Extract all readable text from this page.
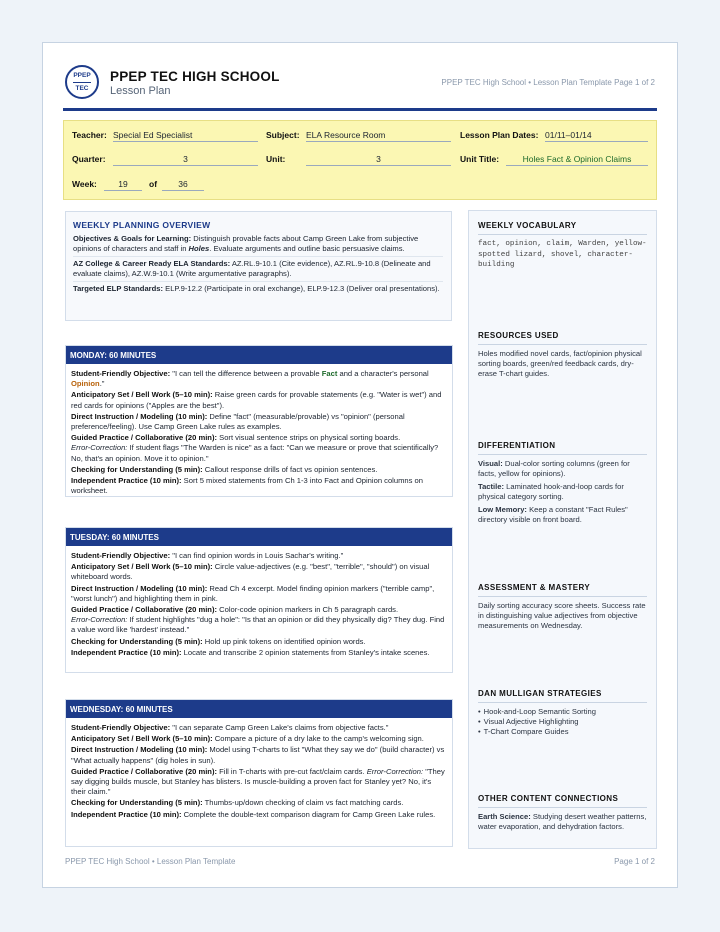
PPEP
TEC
PPEP TEC HIGH SCHOOL
Lesson Plan
PPEP TEC High School • Lesson Plan Template Page 1 of 2
Teacher: Special Ed Specialist	Subject: ELA Resource Room	Lesson Plan Dates: 01/11–01/14
Quarter:	3	Unit:	3	Unit Title:	Holes Fact & Opinion Claims
Week:	19	of	36
WEEKLY PLANNING OVERVIEW
Objectives & Goals for Learning: Distinguish provable facts about Camp Green Lake from subjective opinions of characters and staff in Holes. Evaluate arguments and outline basic persuasive claims.
AZ College & Career Ready ELA Standards: AZ.RL.9-10.1 (Cite evidence), AZ.RL.9-10.8 (Delineate and evaluate claims), AZ.W.9-10.1 (Write argumentative paragraphs).
Targeted ELP Standards: ELP.9-12.2 (Participate in oral exchange), ELP.9-12.3 (Deliver oral presentations).
MONDAY: 60 MINUTES

Student-Friendly Objective: "I can tell the difference between a provable Fact and a character's personal Opinion."

Anticipatory Set / Bell Work (5–10 min): Raise green cards for provable statements (e.g. "Water is wet") and red cards for opinions ("Apples are the best").

Direct Instruction / Modeling (10 min): Define "fact" (measurable/provable) vs "opinion" (personal preference/feeling). Use Camp Green Lake rules as examples.

Guided Practice / Collaborative (20 min): Sort visual sentence strips on physical sorting boards.
Error-Correction: If student flags "The Warden is nice" as a fact: "Can we measure or prove that scientifically? No, that's an opinion. Move it to opinion."

Checking for Understanding (5 min): Callout response drills of fact vs opinion sentences.

Independent Practice (10 min): Sort 5 mixed statements from Ch 1-3 into Fact and Opinion columns on worksheet.

TUESDAY: 60 MINUTES

Student-Friendly Objective: "I can find opinion words in Louis Sachar's writing."

Anticipatory Set / Bell Work (5–10 min): Circle value-adjectives (e.g. "best", "terrible", "should") on visual whiteboard words.

Direct Instruction / Modeling (10 min): Read Ch 4 excerpt. Model finding opinion markers ("terrible camp", "worst lunch") and highlighting them in pink.

Guided Practice / Collaborative (20 min): Color-code opinion markers in Ch 5 paragraph cards.
Error-Correction: If student highlights "dug a hole": "Is that an opinion or did they physically dig? They dug. Find a value word like 'hardest' instead."

Checking for Understanding (5 min): Hold up pink tokens on identified opinion words.

Independent Practice (10 min): Locate and transcribe 2 opinion statements from Stanley's intake scenes.

WEDNESDAY: 60 MINUTES

Student-Friendly Objective: "I can separate Camp Green Lake's claims from objective facts."

Anticipatory Set / Bell Work (5–10 min): Compare a picture of a dry lake to the camp's welcoming sign.

Direct Instruction / Modeling (10 min): Model using T-charts to list "What they say we do" (build character) vs "What actually happens" (dig holes in sun).

Guided Practice / Collaborative (20 min): Fill in T-charts with pre-cut fact/claim cards. Error-Correction: "They say digging builds muscle, but Stanley has blisters. Is muscle-building a proven fact for Stanley yet? No, it's their claim."

Checking for Understanding (5 min): Thumbs-up/down checking of claim vs fact matching cards.

Independent Practice (10 min): Complete the double-text comparison diagram for Camp Green Lake rules.

WEEKLY VOCABULARY
fact, opinion, claim, Warden, yellow-spotted lizard, shovel, character-building
RESOURCES USED
Holes modified novel cards, fact/opinion physical sorting boards, green/red feedback cards, dry-erase T-chart guides.
DIFFERENTIATION

Visual: Dual-color sorting columns (green for facts, yellow for opinions).

Tactile: Laminated hook-and-loop cards for physical category sorting.

Low Memory: Keep a constant "Fact Rules" directory visible on front board.

ASSESSMENT & MASTERY
Daily sorting accuracy score sheets. Success rate in distinguishing value adjectives from objective measurements on Wednesday.
DAN MULLIGAN STRATEGIES
• Hook-and-Loop Semantic Sorting
• Visual Adjective Highlighting
• T-Chart Compare Guides
OTHER CONTENT CONNECTIONS

Earth Science: Studying desert weather patterns, water evaporation, and dehydration factors.

PPEP TEC High School • Lesson Plan Template	Page 1 of 2
